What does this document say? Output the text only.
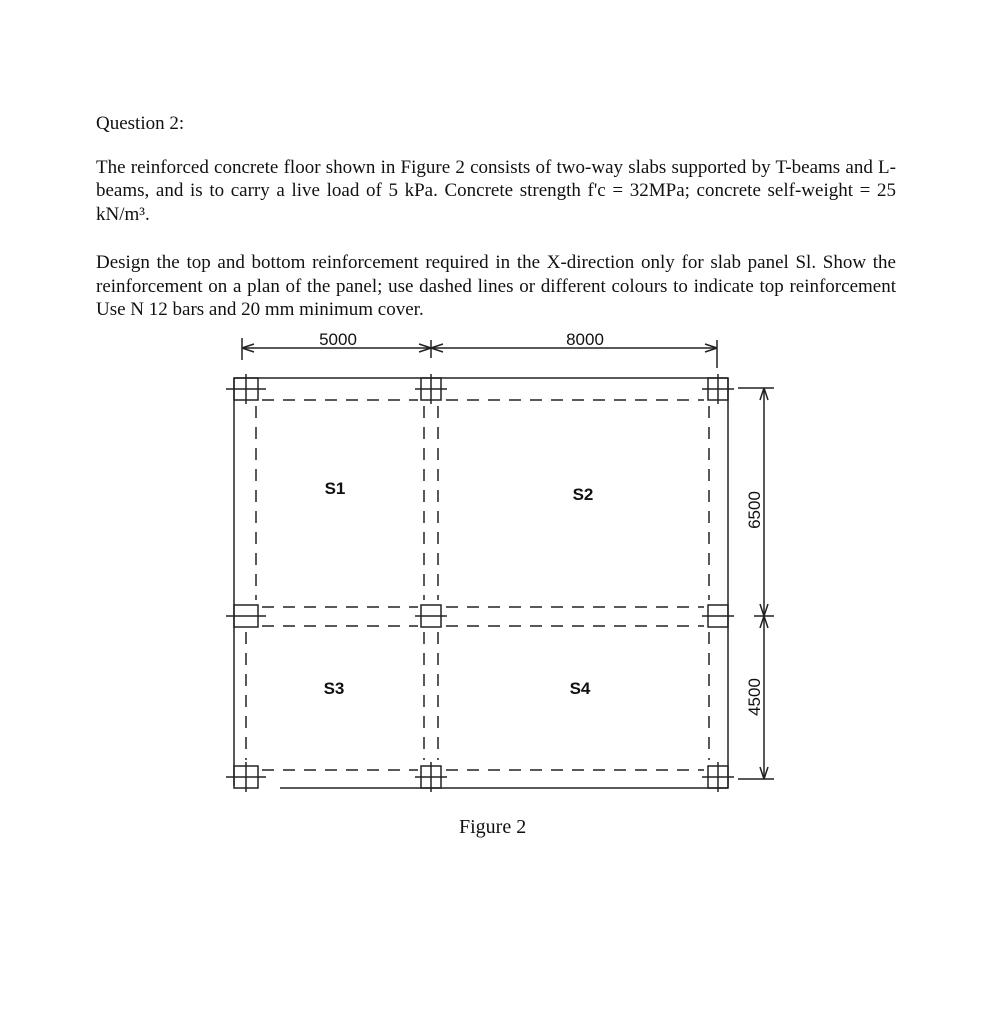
Question 2:

The reinforced concrete floor shown in Figure 2 consists of two-way slabs supported by T-beams and L-beams, and is to carry a live load of 5 kPa. Concrete strength f'c = 32MPa; concrete self-weight = 25 kN/m³.

Design the top and bottom reinforcement required in the X-direction only for slab panel Sl. Show the reinforcement on a plan of the panel; use dashed lines or different colours to indicate top reinforcement Use N 12 bars and 20 mm minimum cover.

5000	8000
6500
4500
S1	S2
S3	S4
Figure 2
